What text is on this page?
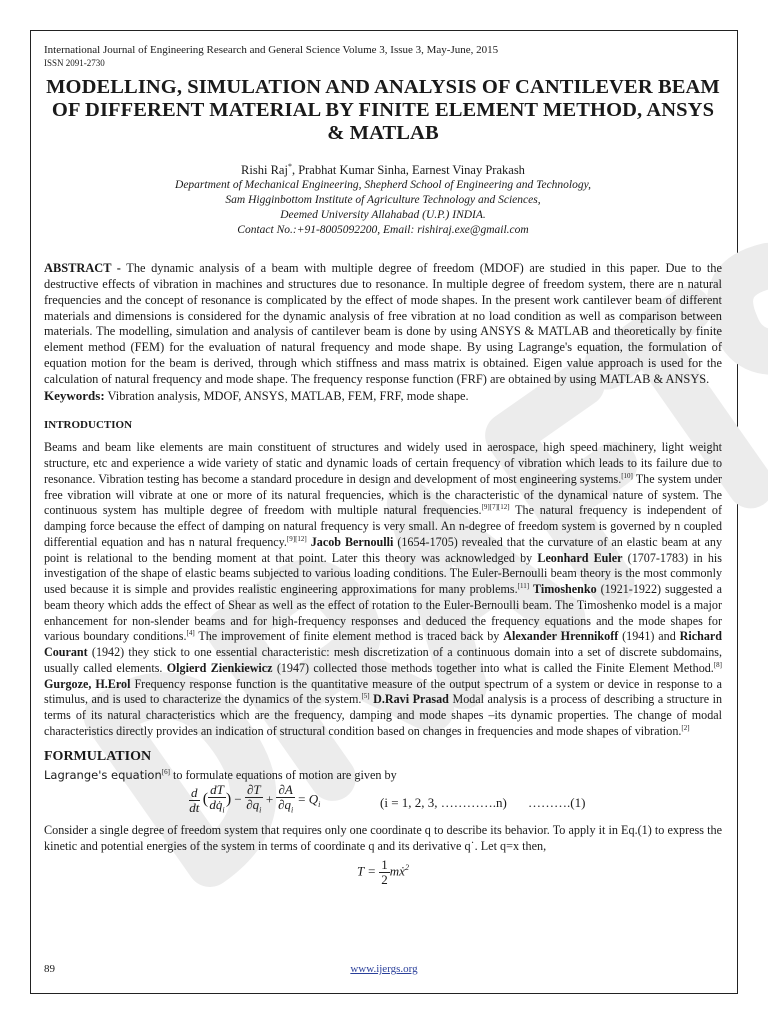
International Journal of Engineering Research and General Science Volume 3, Issue 3, May-June, 2015
ISSN 2091-2730
MODELLING, SIMULATION AND ANALYSIS OF CANTILEVER BEAM OF DIFFERENT MATERIAL BY FINITE ELEMENT METHOD, ANSYS & MATLAB
Rishi Raj*, Prabhat Kumar Sinha, Earnest Vinay Prakash
Department of Mechanical Engineering, Shepherd School of Engineering and Technology,
Sam Higginbottom Institute of Agriculture Technology and Sciences,
Deemed University Allahabad (U.P.) INDIA.
Contact No.:+91-8005092200, Email: rishiraj.exe@gmail.com
ABSTRACT - The dynamic analysis of a beam with multiple degree of freedom (MDOF) are studied in this paper. Due to the destructive effects of vibration in machines and structures due to resonance. In multiple degree of freedom system, there are n natural frequencies and the concept of resonance is complicated by the effect of mode shapes. In the present work cantilever beam of different materials and dimensions is considered for the dynamic analysis of free vibration at no load condition as well as comparison between materials. The modelling, simulation and analysis of cantilever beam is done by using ANSYS & MATLAB and theoretically by finite element method (FEM) for the evaluation of natural frequency and mode shape. By using Lagrange's equation, the formulation of equation motion for the beam is derived, through which stiffness and mass matrix is obtained. Eigen value approach is used for the calculation of natural frequency and mode shape. The frequency response function (FRF) are obtained by using MATLAB & ANSYS.
Keywords: Vibration analysis, MDOF, ANSYS, MATLAB, FEM, FRF, mode shape.
INTRODUCTION
Beams and beam like elements are main constituent of structures and widely used in aerospace, high speed machinery, light weight structure, etc and experience a wide variety of static and dynamic loads of certain frequency of vibration which leads to its failure due to resonance. Vibration testing has become a standard procedure in design and development of most engineering systems.[10] The system under free vibration will vibrate at one or more of its natural frequencies, which is the characteristic of the dynamical nature of system. The continuous system has multiple degree of freedom with multiple natural frequencies.[9][7][12] The natural frequency is independent of damping force because the effect of damping on natural frequency is very small. An n-degree of freedom system is governed by n coupled differential equation and has n natural frequency.[9][12] Jacob Bernoulli (1654-1705) revealed that the curvature of an elastic beam at any point is relational to the bending moment at that point. Later this theory was acknowledged by Leonhard Euler (1707-1783) in his investigation of the shape of elastic beams subjected to various loading conditions. The Euler-Bernoulli beam theory is the most commonly used because it is simple and provides realistic engineering approximations for many problems.[11] Timoshenko (1921-1922) suggested a beam theory which adds the effect of Shear as well as the effect of rotation to the Euler-Bernoulli beam. The Timoshenko model is a major enhancement for non-slender beams and for high-frequency responses and deduced the frequency equations and the mode shapes for various boundary conditions.[4] The improvement of finite element method is traced back by Alexander Hrennikoff (1941) and Richard Courant (1942) they stick to one essential characteristic: mesh discretization of a continuous domain into a set of discrete subdomains, usually called elements. Olgierd Zienkiewicz (1947) collected those methods together into what is called the Finite Element Method.[8] Gurgoze, H.Erol Frequency response function is the quantitative measure of the output spectrum of a system or device in response to a stimulus, and is used to characterize the dynamics of the system.[5] D.Ravi Prasad Modal analysis is a process of describing a structure in terms of its natural characteristics which are the frequency, damping and mode shapes –its dynamic properties. The change of modal characteristics directly provides an indication of structural condition based on changes in frequencies and mode shapes of vibration.[2]
FORMULATION
Lagrange's equation[6] to formulate equations of motion are given by
$\frac{d}{dt}$ ( $\frac{dT}{dq̇_i}$ ) − $\frac{\partial T}{\partial q_i} + \frac{\partial A}{\partial q_i} = Q_i$	(i = 1, 2, 3, ………….n) ……….(1)
Consider a single degree of freedom system that requires only one coordinate q to describe its behavior. To apply it in Eq.(1) to express the kinetic and potential energies of the system in terms of coordinate q and its derivative q˙. Let q=x then,
$T = \frac{1}{2}$ mẋ$^2$
89	www.ijergs.org
